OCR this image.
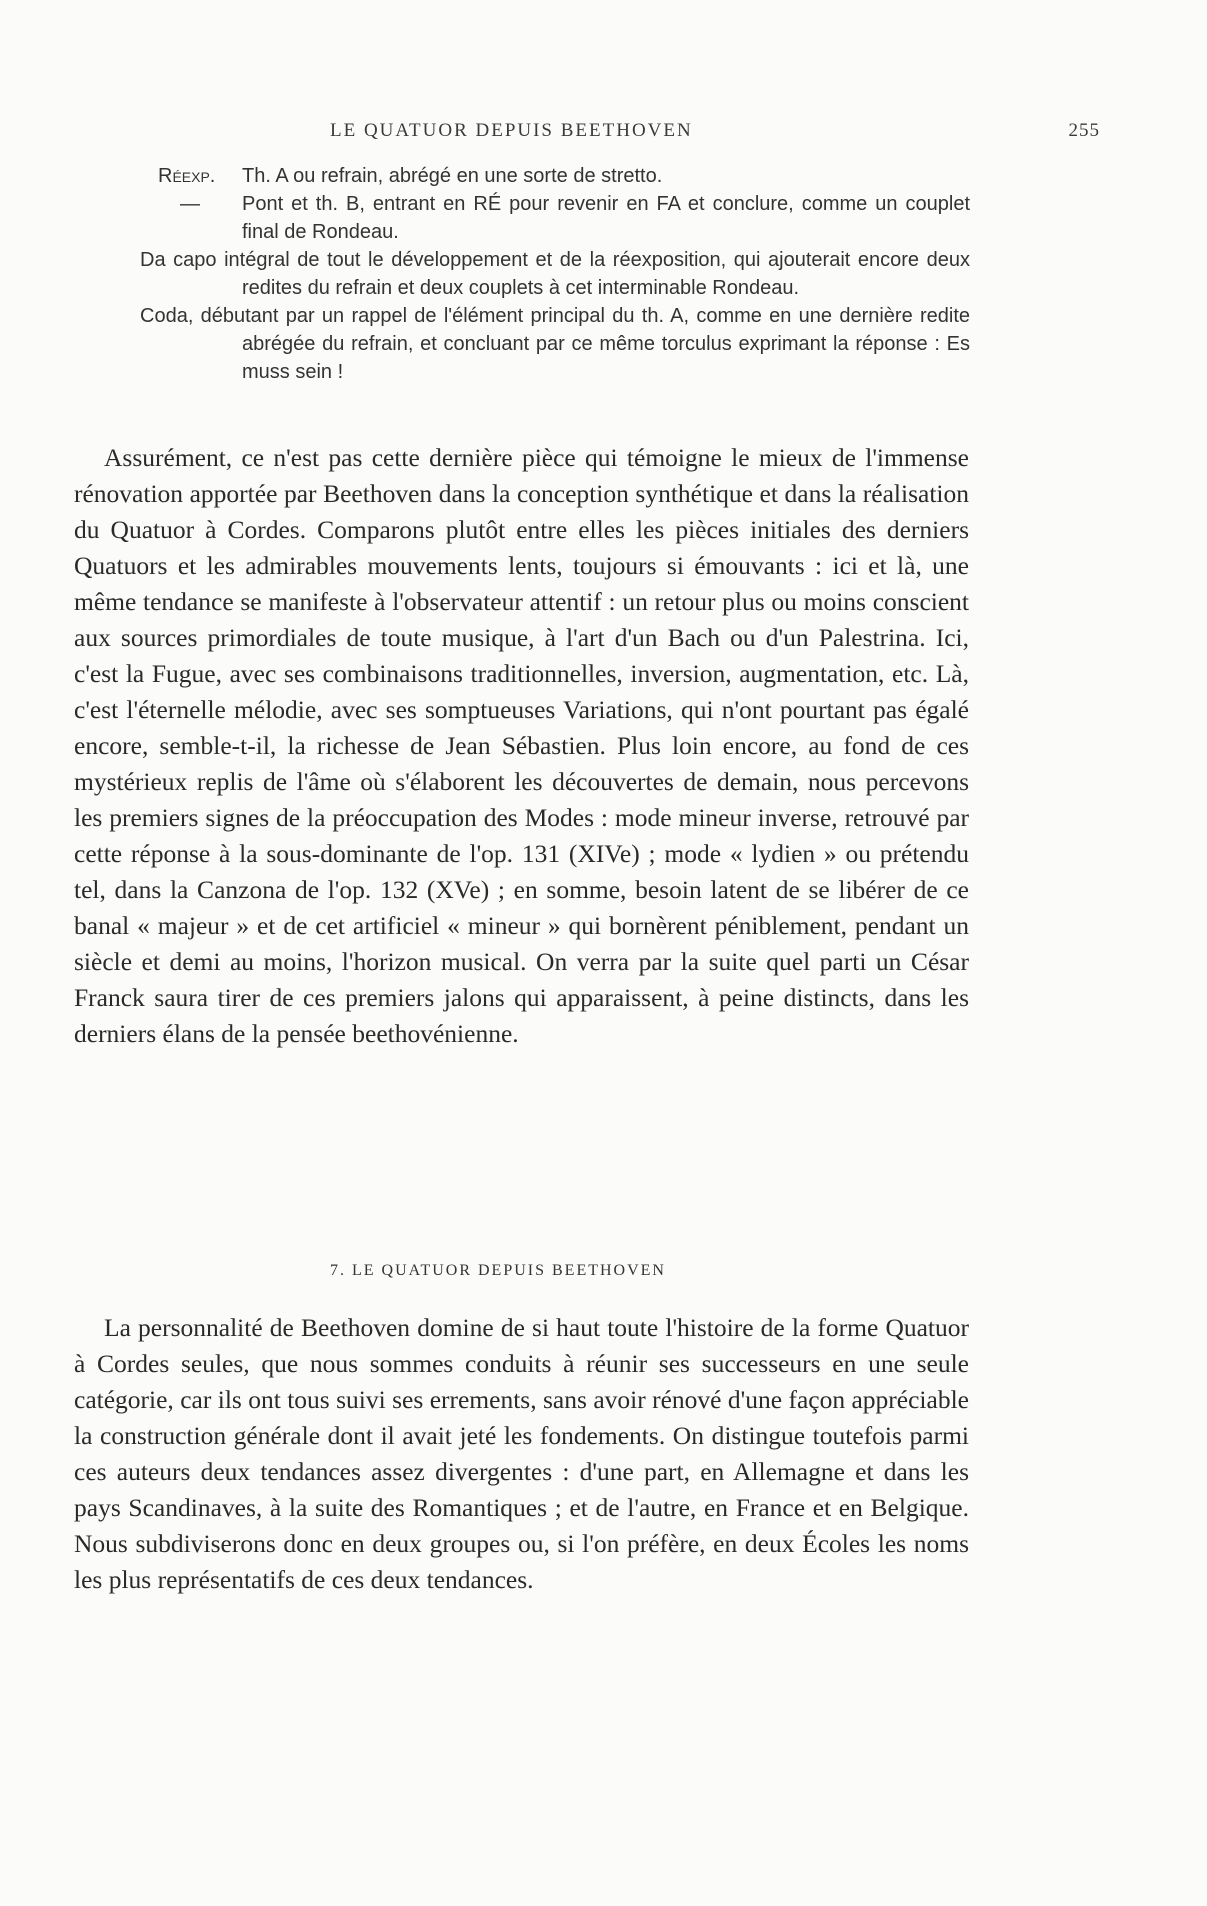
LE QUATUOR DEPUIS BEETHOVEN	255
Réexp. Th. A ou refrain, abrégé en une sorte de stretto.
— Pont et th. B, entrant en RÉ pour revenir en FA et conclure, comme un couplet final de Rondeau.
Da capo intégral de tout le développement et de la réexposition, qui ajouterait encore deux redites du refrain et deux couplets à cet interminable Rondeau.
Coda, débutant par un rappel de l'élément principal du th. A, comme en une dernière redite abrégée du refrain, et concluant par ce même torculus exprimant la réponse : Es muss sein !

Assurément, ce n'est pas cette dernière pièce qui témoigne le mieux de l'immense rénovation apportée par Beethoven dans la conception synthétique et dans la réalisation du Quatuor à Cordes. Comparons plutôt entre elles les pièces initiales des derniers Quatuors et les admirables mouvements lents, toujours si émouvants : ici et là, une même tendance se manifeste à l'observateur attentif : un retour plus ou moins conscient aux sources primordiales de toute musique, à l'art d'un Bach ou d'un Palestrina. Ici, c'est la Fugue, avec ses combinaisons traditionnelles, inversion, augmentation, etc. Là, c'est l'éternelle mélodie, avec ses somptueuses Variations, qui n'ont pourtant pas égalé encore, semble-t-il, la richesse de Jean Sébastien. Plus loin encore, au fond de ces mystérieux replis de l'âme où s'élaborent les découvertes de demain, nous percevons les premiers signes de la préoccupation des Modes : mode mineur inverse, retrouvé par cette réponse à la sous-dominante de l'op. 131 (XIVe) ; mode « lydien » ou prétendu tel, dans la Canzona de l'op. 132 (XVe) ; en somme, besoin latent de se libérer de ce banal « majeur » et de cet artificiel « mineur » qui bornèrent péniblement, pendant un siècle et demi au moins, l'horizon musical. On verra par la suite quel parti un César Franck saura tirer de ces premiers jalons qui apparaissent, à peine distincts, dans les derniers élans de la pensée beethovénienne.

7. LE QUATUOR DEPUIS BEETHOVEN

La personnalité de Beethoven domine de si haut toute l'histoire de la forme Quatuor à Cordes seules, que nous sommes conduits à réunir ses successeurs en une seule catégorie, car ils ont tous suivi ses errements, sans avoir rénové d'une façon appréciable la construction générale dont il avait jeté les fondements. On distingue toutefois parmi ces auteurs deux tendances assez divergentes : d'une part, en Allemagne et dans les pays Scandinaves, à la suite des Romantiques ; et de l'autre, en France et en Belgique. Nous subdiviserons donc en deux groupes ou, si l'on préfère, en deux Écoles les noms les plus représentatifs de ces deux tendances.
